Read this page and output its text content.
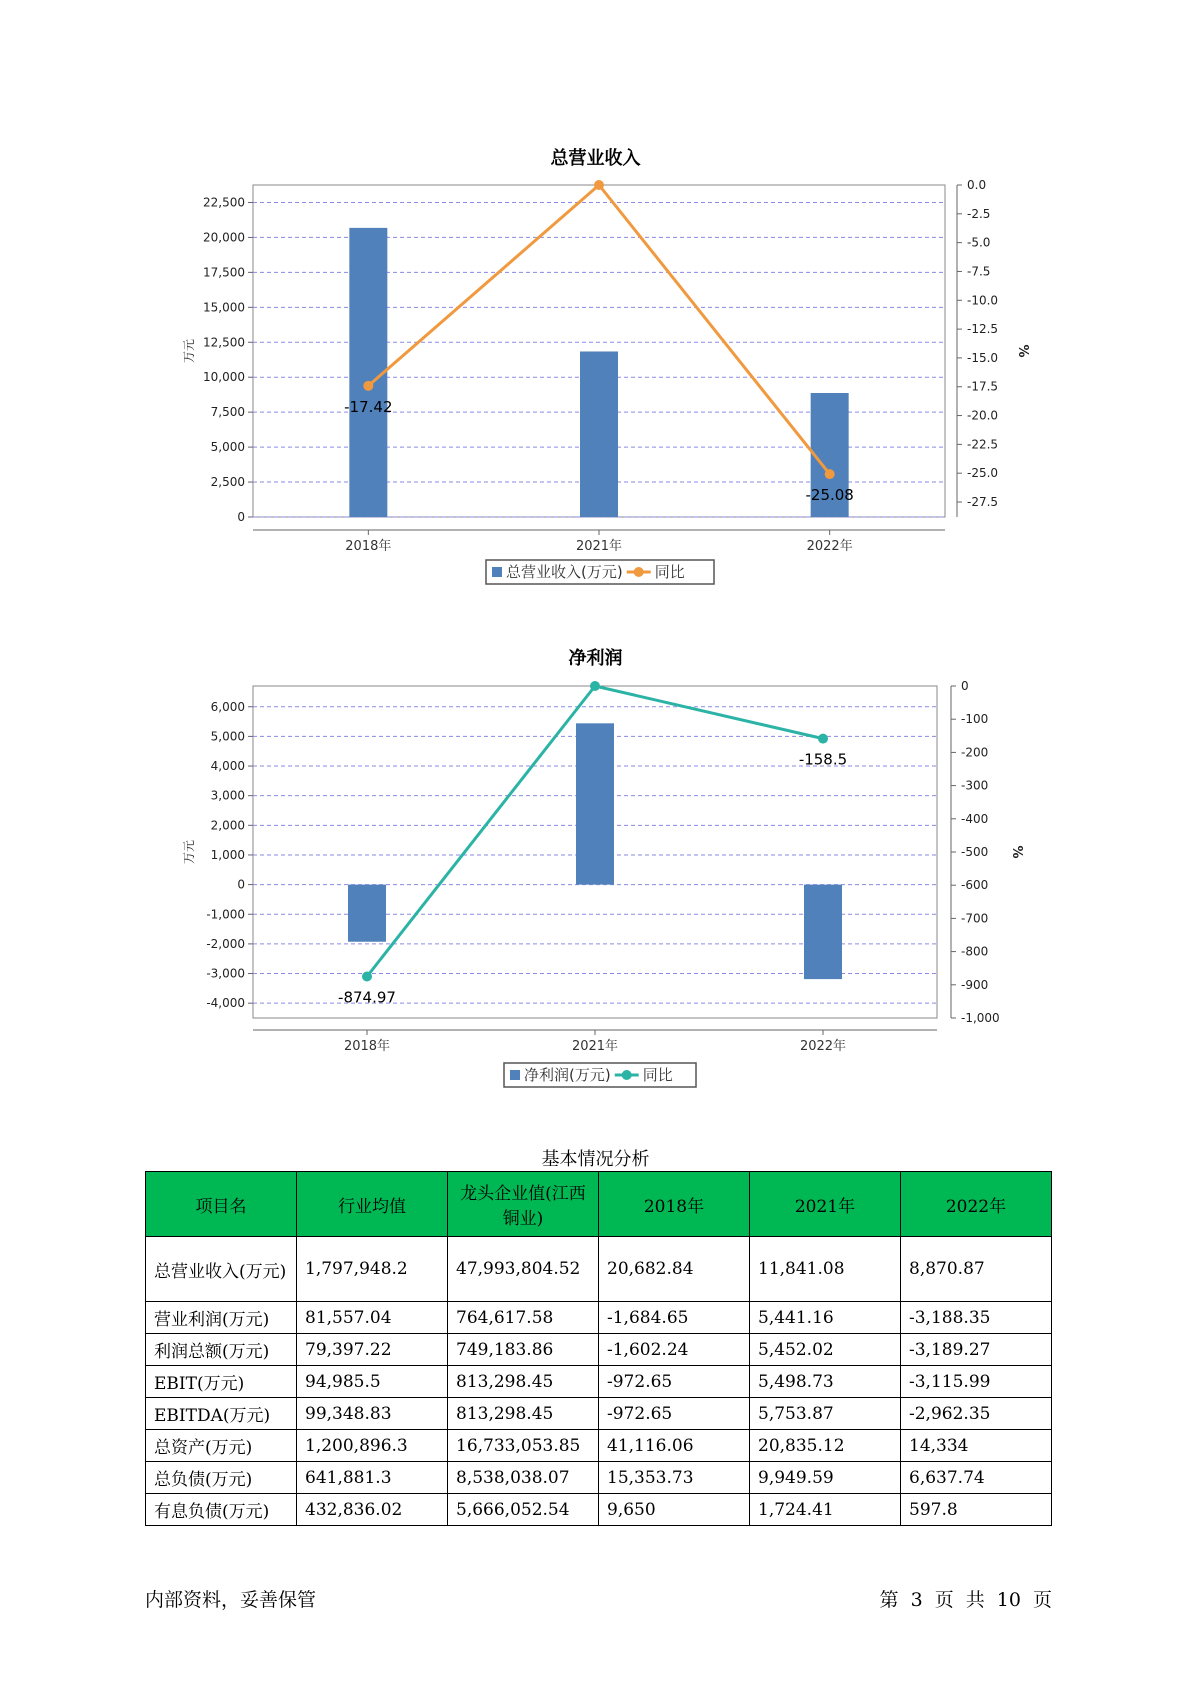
总营业收入
0
2,500
5,000
7,500
10,000
12,500
15,000
17,500
20,000
22,500
0.0
-2.5
-5.0
-7.5
-10.0
-12.5
-15.0
-17.5
-20.0
-22.5
-25.0
-27.5
万元	%
2018年	2021年	2022年
-17.42
-25.08
总营业收入(万元) 同比
净利润
6,000
5,000
4,000
3,000
2,000
1,000
0
-1,000
-2,000
-3,000
-4,000
0
-100
-200
-300
-400
-500
-600
-700
-800
-900
-1,000
万元	%
2018年	2021年	2022年
-874.97
-158.5
净利润(万元) 同比
基本情况分析
项目名	行业均值	龙头企业值(江西铜业)	2018年	2021年	2022年
总营业收入(万元)	1,797,948.2	47,993,804.52	20,682.84	11,841.08	8,870.87
营业利润(万元)	81,557.04	764,617.58	-1,684.65	5,441.16	-3,188.35
利润总额(万元)	79,397.22	749,183.86	-1,602.24	5,452.02	-3,189.27
EBIT(万元)	94,985.5	813,298.45	-972.65	5,498.73	-3,115.99
EBITDA(万元)	99,348.83	813,298.45	-972.65	5,753.87	-2,962.35
总资产(万元)	1,200,896.3	16,733,053.85	41,116.06	20,835.12	14,334
总负债(万元)	641,881.3	8,538,038.07	15,353.73	9,949.59	6,637.74
有息负债(万元)	432,836.02	5,666,052.54	9,650	1,724.41	597.8
内部资料，妥善保管	第 3 页 共 10 页
